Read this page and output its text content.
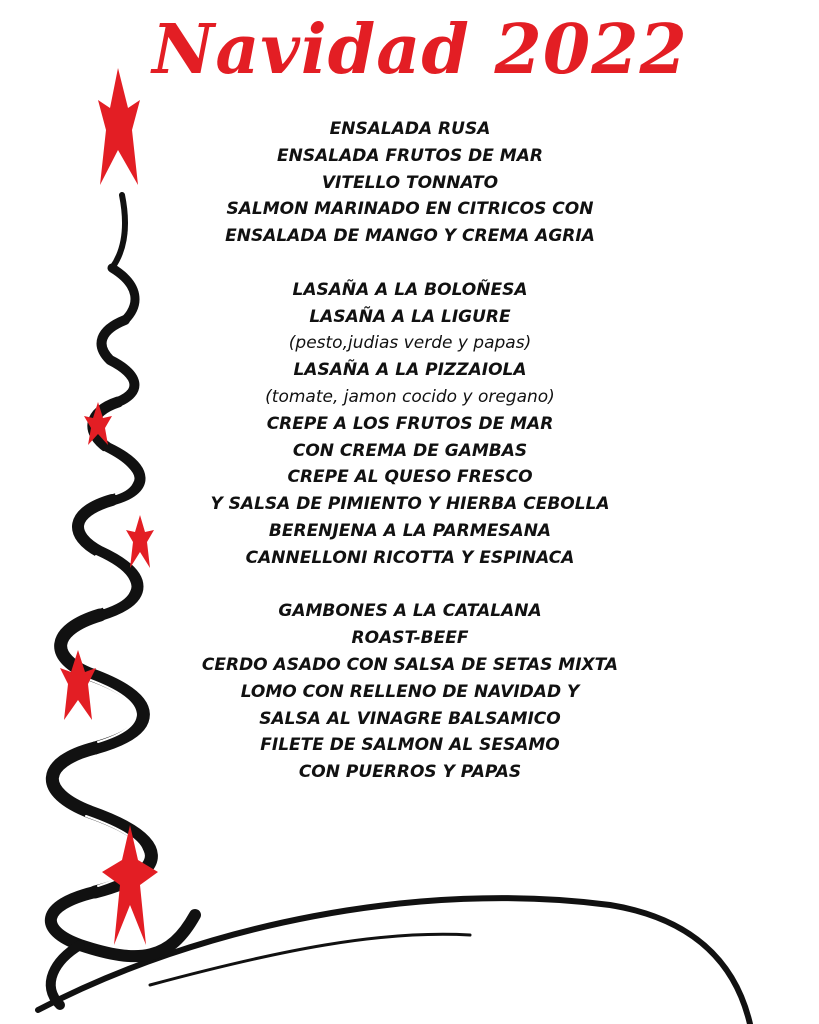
Navidad 2022
ENSALADA RUSA
ENSALADA FRUTOS DE MAR
VITELLO TONNATO
SALMON MARINADO EN CITRICOS CON
ENSALADA DE MANGO Y CREMA AGRIA
LASAÑA A LA BOLOÑESA
LASAÑA A LA LIGURE
(pesto,judias verde y papas)
LASAÑA A LA PIZZAIOLA
(tomate, jamon cocido y oregano)
CREPE A LOS FRUTOS DE MAR
CON CREMA DE GAMBAS
CREPE AL QUESO FRESCO
Y SALSA DE PIMIENTO Y HIERBA CEBOLLA
BERENJENA A LA PARMESANA
CANNELLONI RICOTTA Y ESPINACA
GAMBONES A LA CATALANA
ROAST-BEEF
CERDO ASADO CON SALSA DE SETAS MIXTA
LOMO CON RELLENO DE NAVIDAD Y
SALSA AL VINAGRE BALSAMICO
FILETE DE SALMON AL SESAMO
CON PUERROS Y PAPAS
